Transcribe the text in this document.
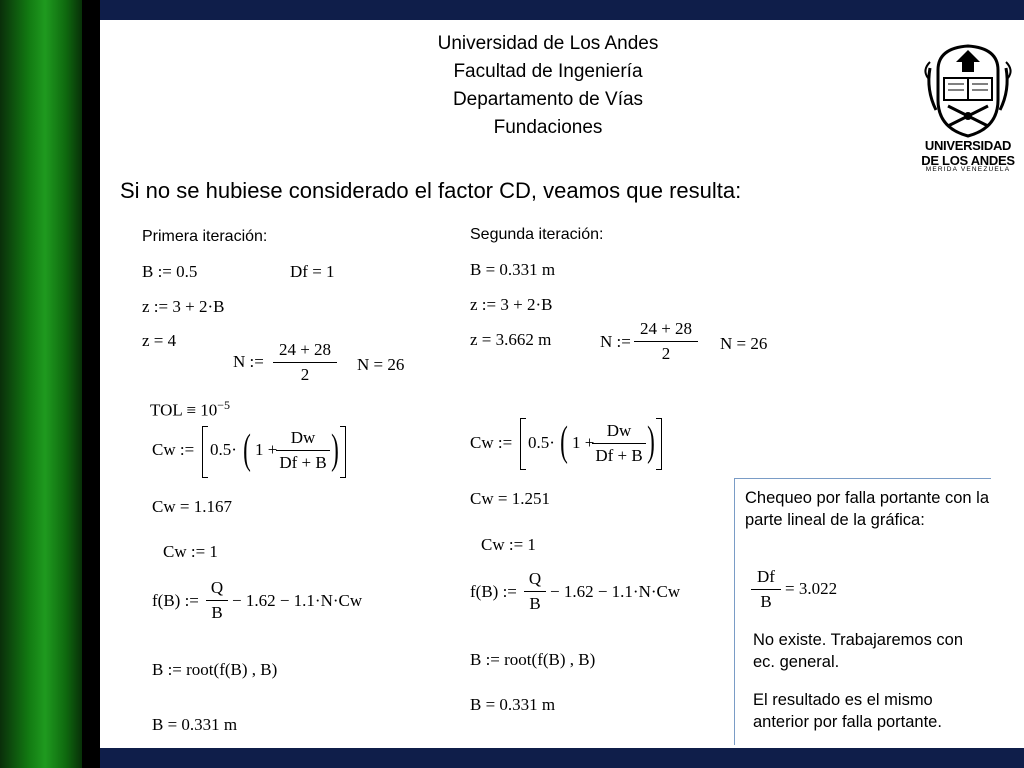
Universidad de Los Andes
Facultad de Ingeniería
Departamento de Vías
Fundaciones
UNIVERSIDAD
DE LOS ANDES
MERIDA VENEZUELA
Si no se hubiese considerado el factor CD, veamos que resulta:
Primera iteración:
B := 0.5	Df = 1
z := 3 + 2·B
z = 4
N :=
24 + 28
2
N = 26
TOL ≡ $10^{-5}$
Cw := 0.5· ( 1 +
Dw
Df + B )
Cw = 1.167
Cw := 1
f(B) :=
Q
B
− 1.62 − 1.1·N·Cw
B := root(f(B) , B)
B = 0.331 m
Segunda iteración:
B = 0.331 m
z := 3 + 2·B
z = 3.662 m	N :=
24 + 28
2
N = 26
Cw := 0.5· ( 1 +
Dw
Df + B )
Cw = 1.251
Cw := 1
f(B) :=
Q
B
− 1.62 − 1.1·N·Cw
B := root(f(B) , B)
B = 0.331 m
Chequeo por falla portante con la parte lineal de la gráfica:
Df
B
= 3.022
No existe. Trabajaremos con ec. general.
El resultado es el mismo anterior por falla portante.
